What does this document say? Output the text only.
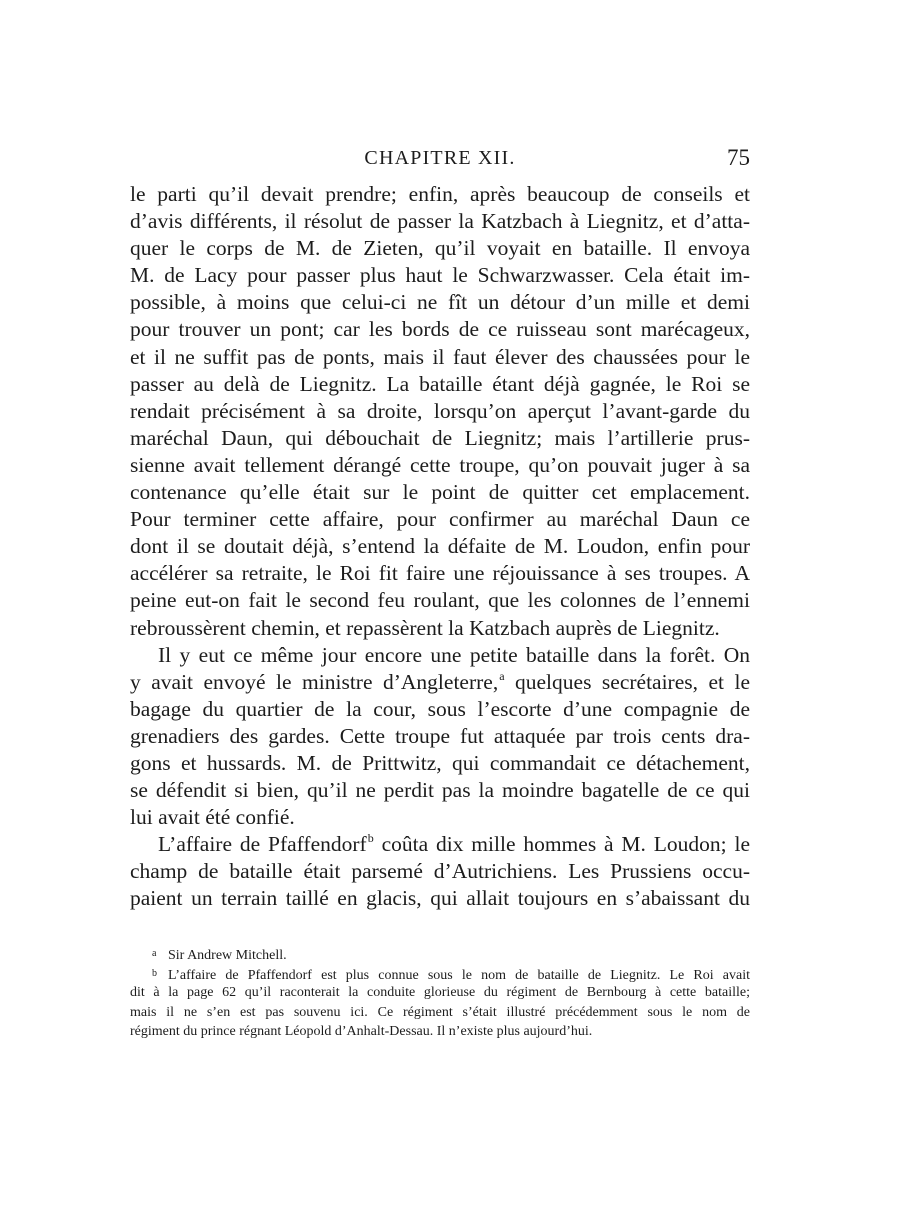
CHAPITRE XII.	75
le parti qu’il devait prendre; enfin, après beaucoup de conseils et
d’avis différents, il résolut de passer la Katzbach à Liegnitz, et d’atta-
quer le corps de M. de Zieten, qu’il voyait en bataille. Il envoya
M. de Lacy pour passer plus haut le Schwarzwasser. Cela était im-
possible, à moins que celui-ci ne fît un détour d’un mille et demi
pour trouver un pont; car les bords de ce ruisseau sont marécageux,
et il ne suffit pas de ponts, mais il faut élever des chaussées pour le
passer au delà de Liegnitz. La bataille étant déjà gagnée, le Roi se
rendait précisément à sa droite, lorsqu’on aperçut l’avant-garde du
maréchal Daun, qui débouchait de Liegnitz; mais l’artillerie prus-
sienne avait tellement dérangé cette troupe, qu’on pouvait juger à sa
contenance qu’elle était sur le point de quitter cet emplacement.
Pour terminer cette affaire, pour confirmer au maréchal Daun ce
dont il se doutait déjà, s’entend la défaite de M. Loudon, enfin pour
accélérer sa retraite, le Roi fit faire une réjouissance à ses troupes. A
peine eut-on fait le second feu roulant, que les colonnes de l’ennemi
rebroussèrent chemin, et repassèrent la Katzbach auprès de Liegnitz.
Il y eut ce même jour encore une petite bataille dans la forêt. On
y avait envoyé le ministre d’Angleterre,$^a$ quelques secrétaires, et le
bagage du quartier de la cour, sous l’escorte d’une compagnie de
grenadiers des gardes. Cette troupe fut attaquée par trois cents dra-
gons et hussards. M. de Prittwitz, qui commandait ce détachement,
se défendit si bien, qu’il ne perdit pas la moindre bagatelle de ce qui
lui avait été confié.
L’affaire de Pfaffendorf$^b$ coûta dix mille hommes à M. Loudon; le
champ de bataille était parsemé d’Autrichiens. Les Prussiens occu-
paient un terrain taillé en glacis, qui allait toujours en s’abaissant du
a Sir Andrew Mitchell.
b L’affaire de Pfaffendorf est plus connue sous le nom de bataille de Liegnitz. Le Roi avait
dit à la page 62 qu’il raconterait la conduite glorieuse du régiment de Bernbourg à cette bataille;
mais il ne s’en est pas souvenu ici. Ce régiment s’était illustré précédemment sous le nom de
régiment du prince régnant Léopold d’Anhalt-Dessau. Il n’existe plus aujourd’hui.
